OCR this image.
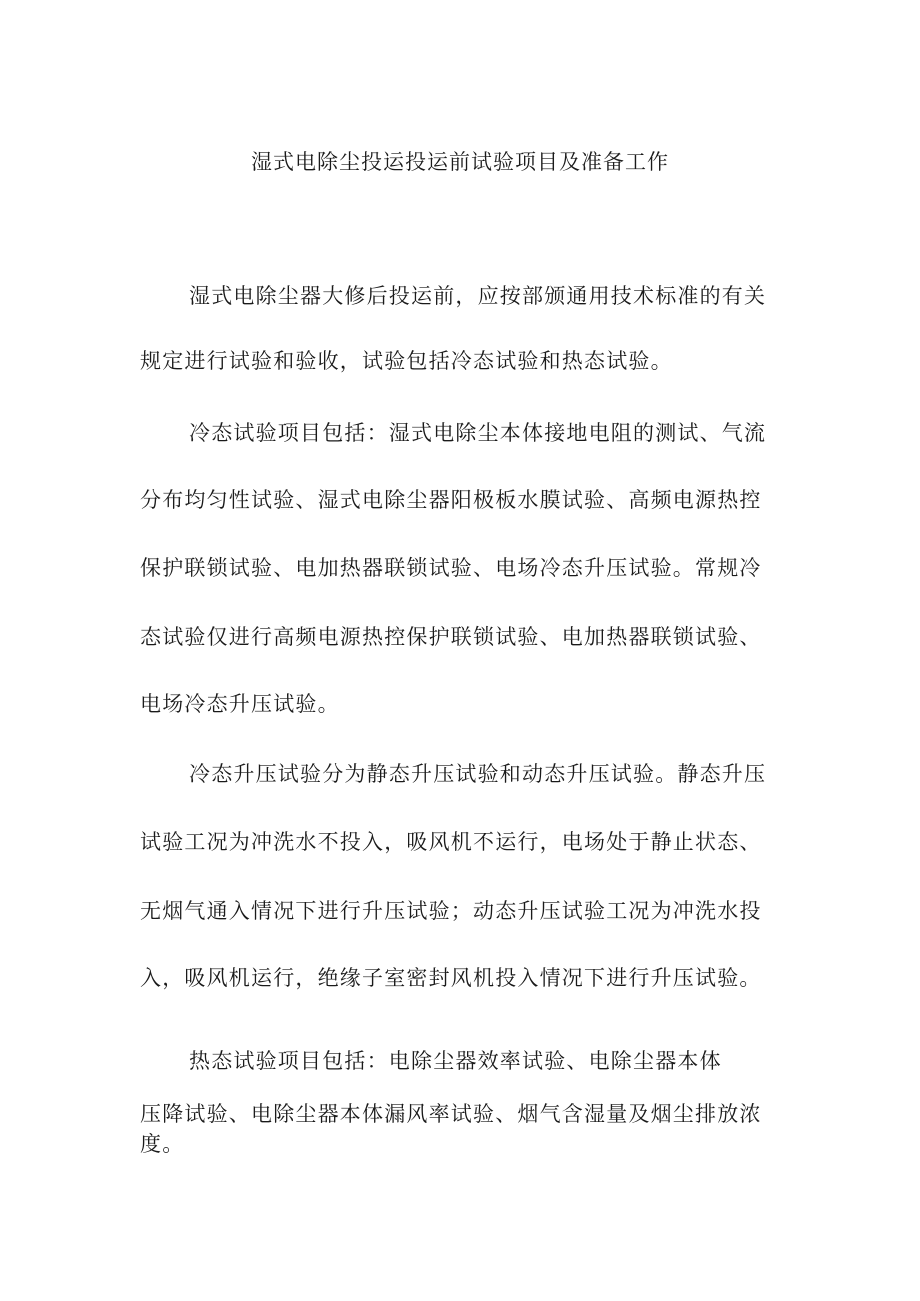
湿式电除尘投运投运前试验项目及准备工作
湿式电除尘器大修后投运前，应按部颁通用技术标准的有关
规定进行试验和验收，试验包括冷态试验和热态试验。
冷态试验项目包括：湿式电除尘本体接地电阻的测试、气流
分布均匀性试验、湿式电除尘器阳极板水膜试验、高频电源热控
保护联锁试验、电加热器联锁试验、电场冷态升压试验。常规冷
态试验仅进行高频电源热控保护联锁试验、电加热器联锁试验、
电场冷态升压试验。
冷态升压试验分为静态升压试验和动态升压试验。静态升压
试验工况为冲洗水不投入，吸风机不运行，电场处于静止状态、
无烟气通入情况下进行升压试验；动态升压试验工况为冲洗水投
入，吸风机运行，绝缘子室密封风机投入情况下进行升压试验。
热态试验项目包括：电除尘器效率试验、电除尘器本体
压降试验、电除尘器本体漏风率试验、烟气含湿量及烟尘排放浓
度。
